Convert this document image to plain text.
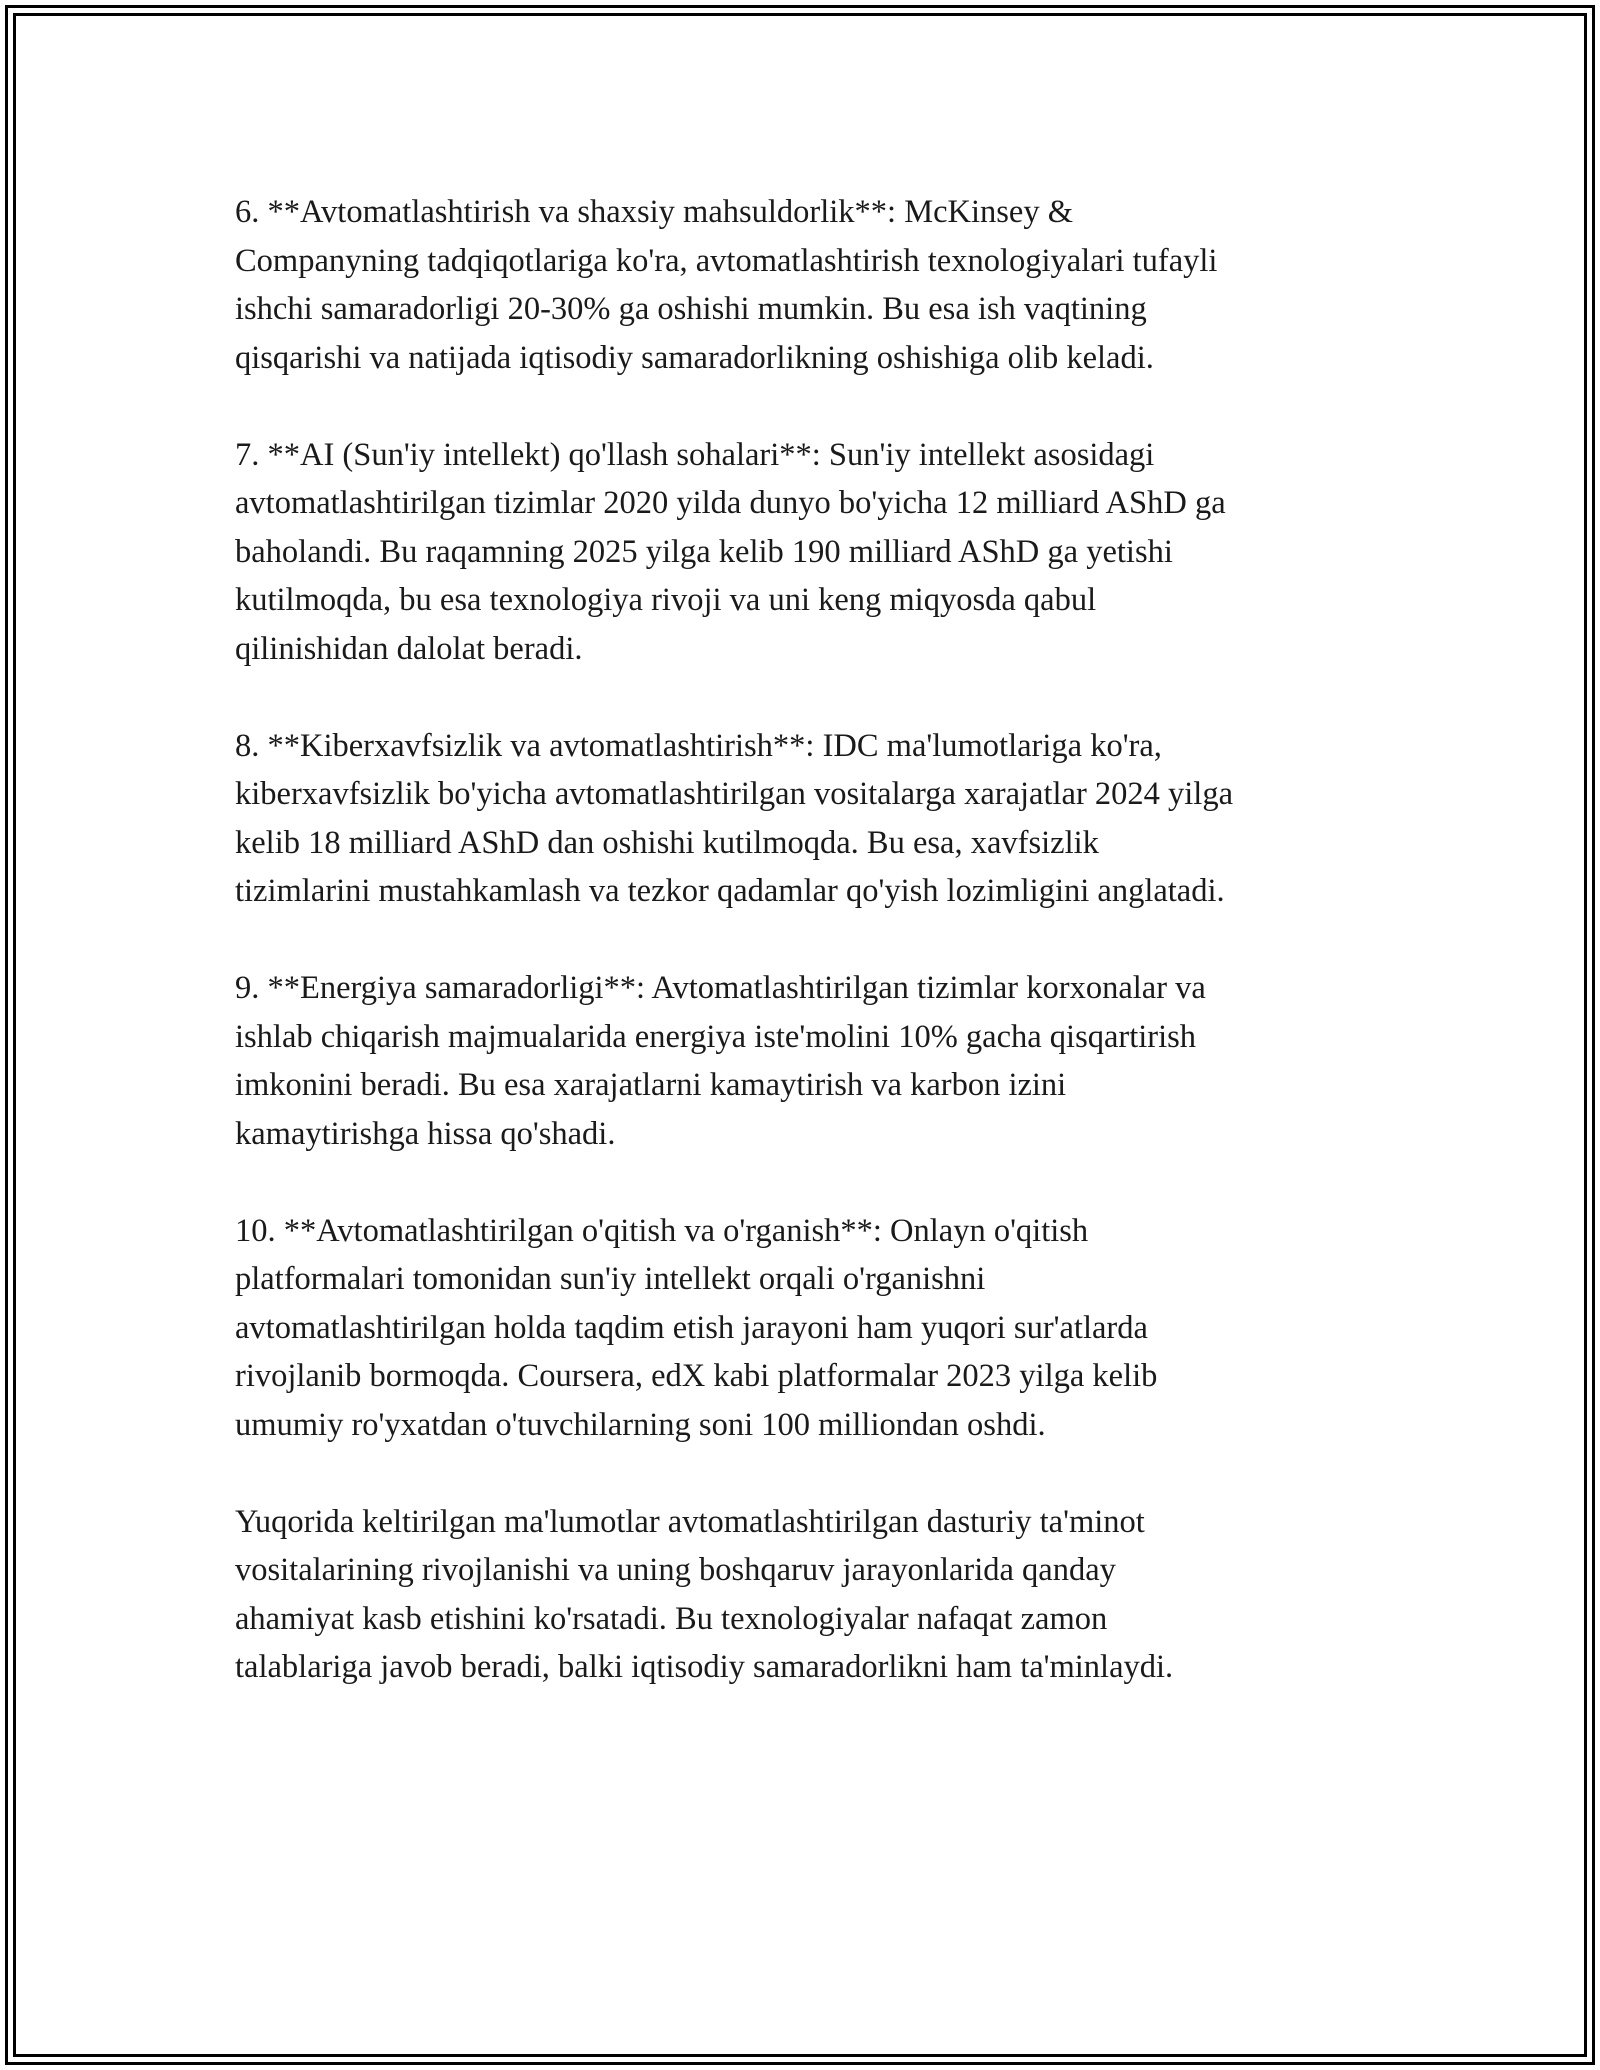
6. **Avtomatlashtirish va shaxsiy mahsuldorlik**: McKinsey &
Companyning tadqiqotlariga ko'ra, avtomatlashtirish texnologiyalari tufayli
ishchi samaradorligi 20-30% ga oshishi mumkin. Bu esa ish vaqtining
qisqarishi va natijada iqtisodiy samaradorlikning oshishiga olib keladi.

7. **AI (Sun'iy intellekt) qo'llash sohalari**: Sun'iy intellekt asosidagi
avtomatlashtirilgan tizimlar 2020 yilda dunyo bo'yicha 12 milliard AShD ga
baholandi. Bu raqamning 2025 yilga kelib 190 milliard AShD ga yetishi
kutilmoqda, bu esa texnologiya rivoji va uni keng miqyosda qabul
qilinishidan dalolat beradi.

8. **Kiberxavfsizlik va avtomatlashtirish**: IDC ma'lumotlariga ko'ra,
kiberxavfsizlik bo'yicha avtomatlashtirilgan vositalarga xarajatlar 2024 yilga
kelib 18 milliard AShD dan oshishi kutilmoqda. Bu esa, xavfsizlik
tizimlarini mustahkamlash va tezkor qadamlar qo'yish lozimligini anglatadi.

9. **Energiya samaradorligi**: Avtomatlashtirilgan tizimlar korxonalar va
ishlab chiqarish majmualarida energiya iste'molini 10% gacha qisqartirish
imkonini beradi. Bu esa xarajatlarni kamaytirish va karbon izini
kamaytirishga hissa qo'shadi.

10. **Avtomatlashtirilgan o'qitish va o'rganish**: Onlayn o'qitish
platformalari tomonidan sun'iy intellekt orqali o'rganishni
avtomatlashtirilgan holda taqdim etish jarayoni ham yuqori sur'atlarda
rivojlanib bormoqda. Coursera, edX kabi platformalar 2023 yilga kelib
umumiy ro'yxatdan o'tuvchilarning soni 100 milliondan oshdi.

Yuqorida keltirilgan ma'lumotlar avtomatlashtirilgan dasturiy ta'minot
vositalarining rivojlanishi va uning boshqaruv jarayonlarida qanday
ahamiyat kasb etishini ko'rsatadi. Bu texnologiyalar nafaqat zamon
talablariga javob beradi, balki iqtisodiy samaradorlikni ham ta'minlaydi.
